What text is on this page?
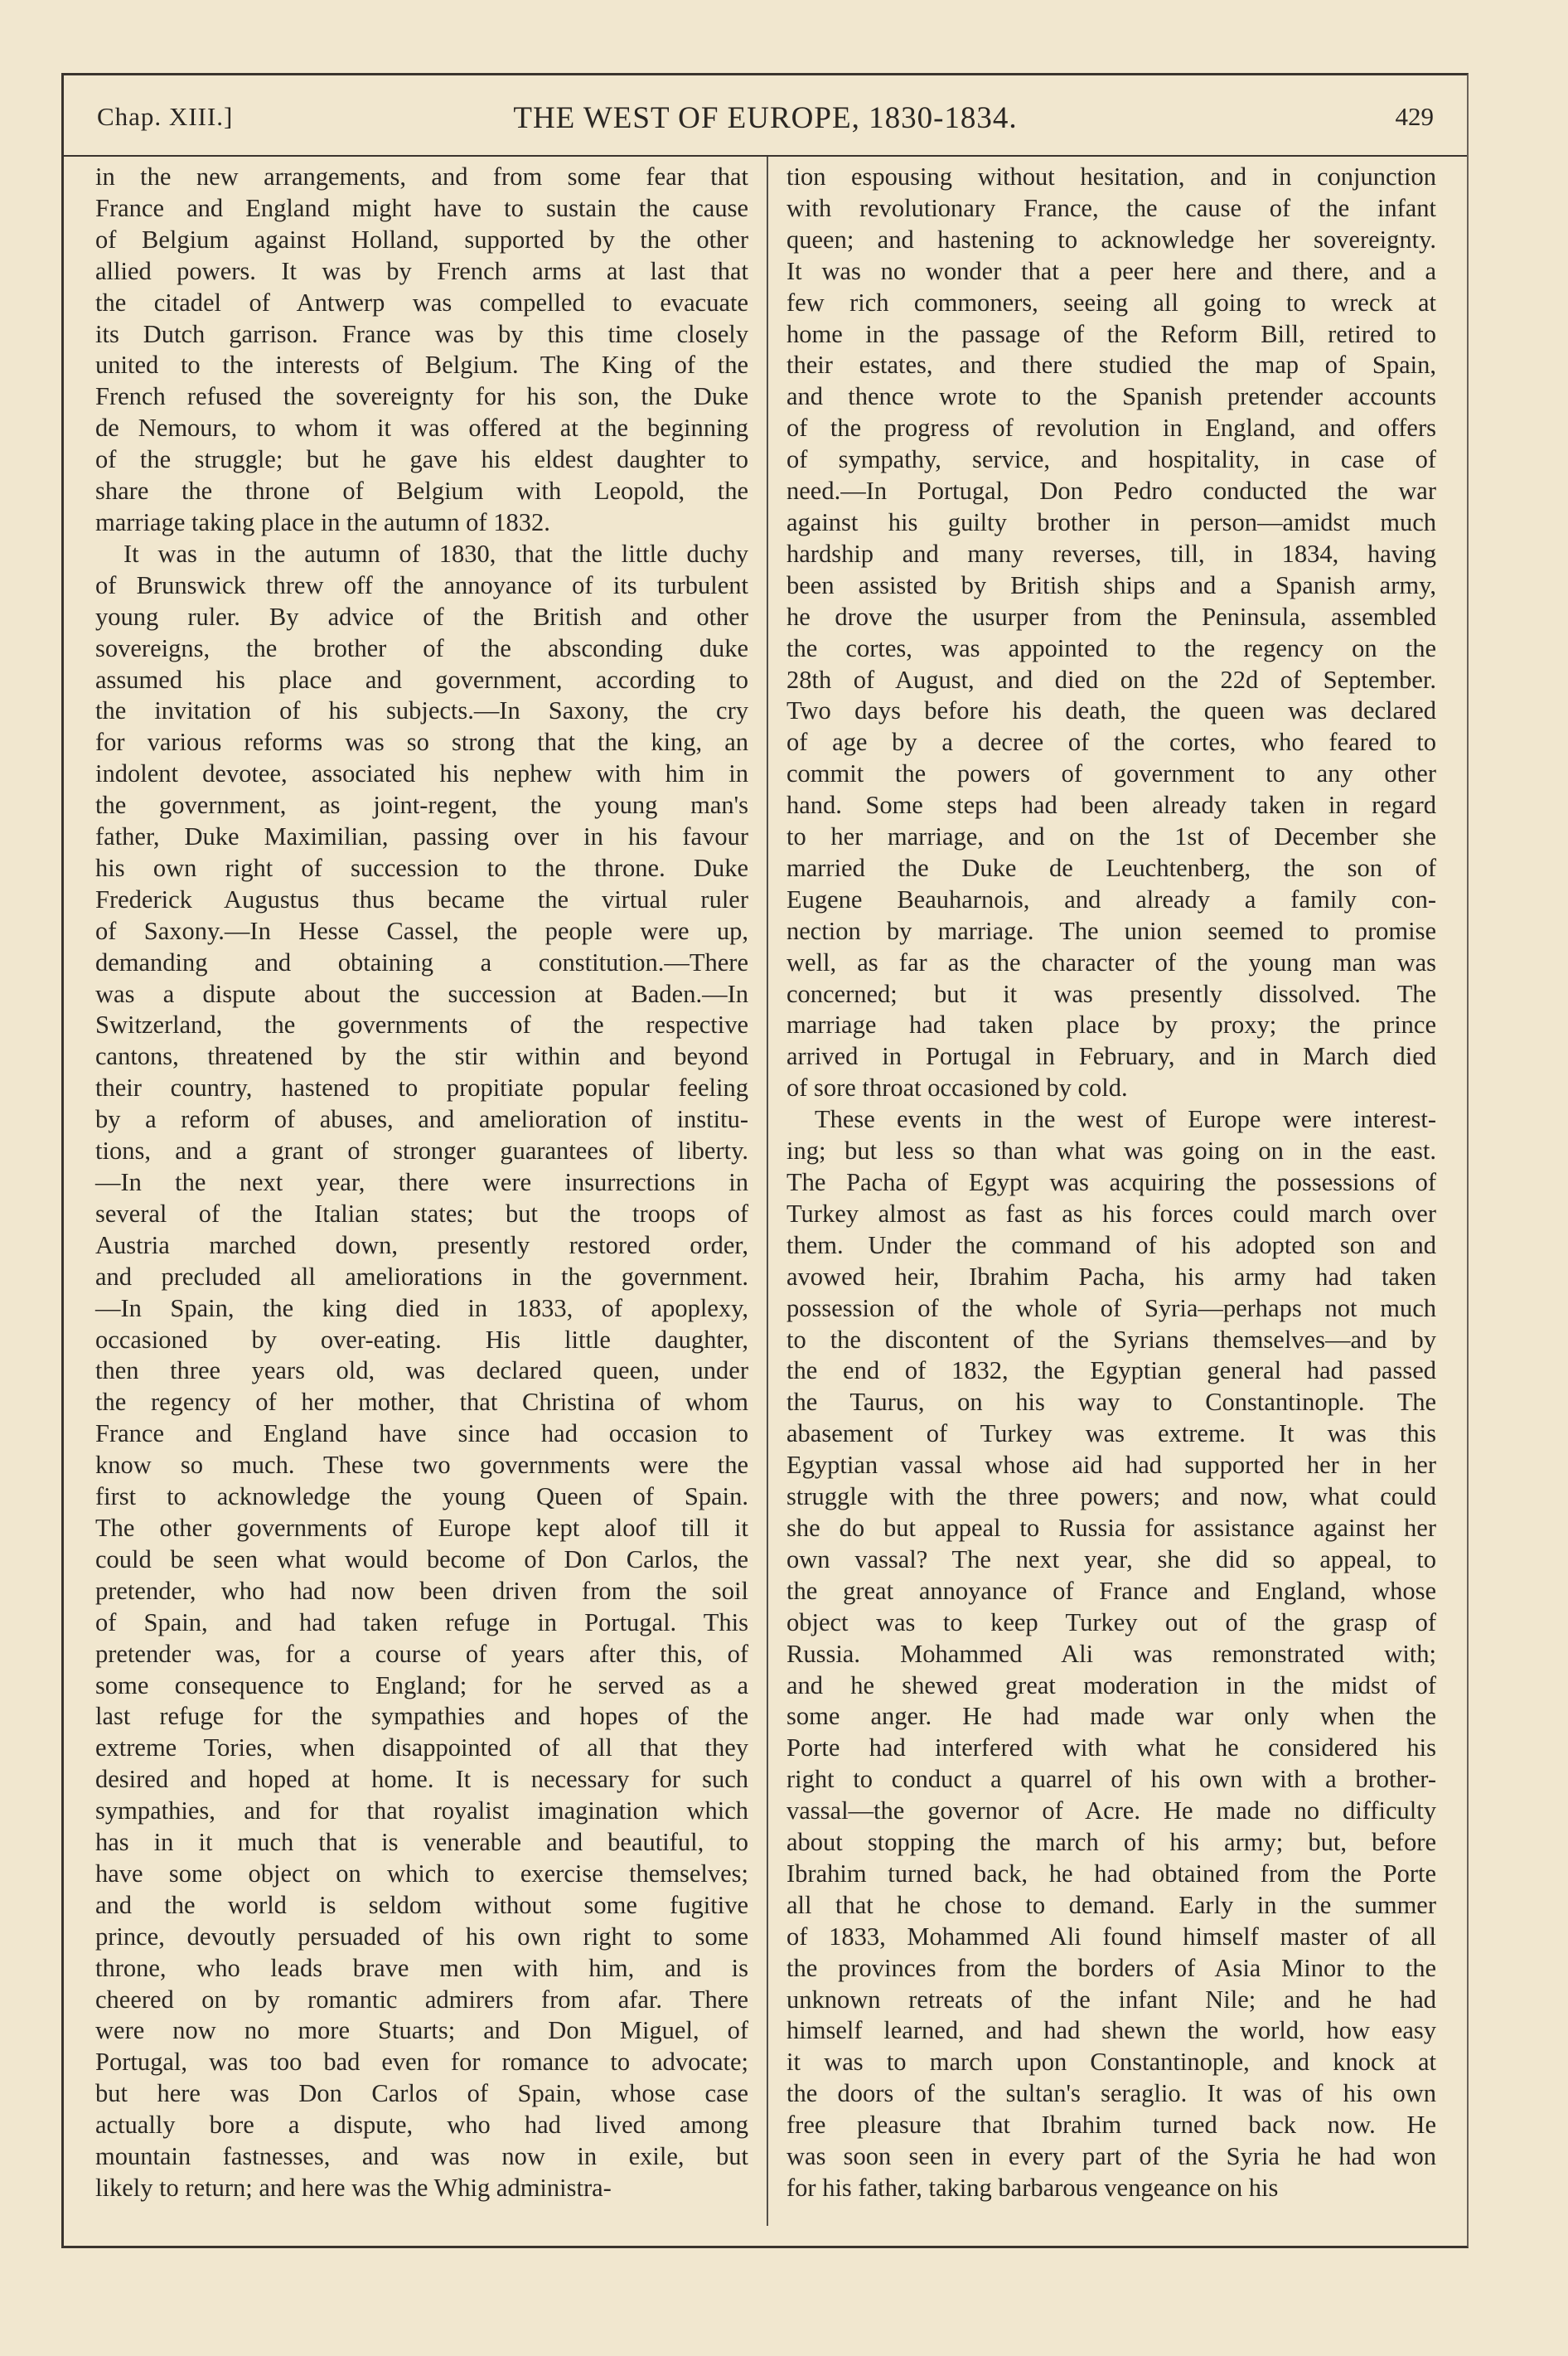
Chap. XIII.]	THE WEST OF EUROPE, 1830-1834.	429

in the new arrangements, and from some fear that
France and England might have to sustain the cause
of Belgium against Holland, supported by the other
allied powers. It was by French arms at last that
the citadel of Antwerp was compelled to evacuate
its Dutch garrison. France was by this time closely
united to the interests of Belgium. The King of the
French refused the sovereignty for his son, the Duke
de Nemours, to whom it was offered at the beginning
of the struggle; but he gave his eldest daughter to
share the throne of Belgium with Leopold, the
marriage taking place in the autumn of 1832.

It was in the autumn of 1830, that the little duchy
of Brunswick threw off the annoyance of its turbulent
young ruler. By advice of the British and other
sovereigns, the brother of the absconding duke
assumed his place and government, according to
the invitation of his subjects.—In Saxony, the cry
for various reforms was so strong that the king, an
indolent devotee, associated his nephew with him in
the government, as joint-regent, the young man's
father, Duke Maximilian, passing over in his favour
his own right of succession to the throne. Duke
Frederick Augustus thus became the virtual ruler
of Saxony.—In Hesse Cassel, the people were up,
demanding and obtaining a constitution.—There
was a dispute about the succession at Baden.—In
Switzerland, the governments of the respective
cantons, threatened by the stir within and beyond
their country, hastened to propitiate popular feeling
by a reform of abuses, and amelioration of institu-
tions, and a grant of stronger guarantees of liberty.
—In the next year, there were insurrections in
several of the Italian states; but the troops of
Austria marched down, presently restored order,
and precluded all ameliorations in the government.
—In Spain, the king died in 1833, of apoplexy,
occasioned by over-eating. His little daughter,
then three years old, was declared queen, under
the regency of her mother, that Christina of whom
France and England have since had occasion to
know so much. These two governments were the
first to acknowledge the young Queen of Spain.
The other governments of Europe kept aloof till it
could be seen what would become of Don Carlos, the
pretender, who had now been driven from the soil
of Spain, and had taken refuge in Portugal. This
pretender was, for a course of years after this, of
some consequence to England; for he served as a
last refuge for the sympathies and hopes of the
extreme Tories, when disappointed of all that they
desired and hoped at home. It is necessary for such
sympathies, and for that royalist imagination which
has in it much that is venerable and beautiful, to
have some object on which to exercise themselves;
and the world is seldom without some fugitive
prince, devoutly persuaded of his own right to some
throne, who leads brave men with him, and is
cheered on by romantic admirers from afar. There
were now no more Stuarts; and Don Miguel, of
Portugal, was too bad even for romance to advocate;
but here was Don Carlos of Spain, whose case
actually bore a dispute, who had lived among
mountain fastnesses, and was now in exile, but
likely to return; and here was the Whig administra-

tion espousing without hesitation, and in conjunction
with revolutionary France, the cause of the infant
queen; and hastening to acknowledge her sovereignty.
It was no wonder that a peer here and there, and a
few rich commoners, seeing all going to wreck at
home in the passage of the Reform Bill, retired to
their estates, and there studied the map of Spain,
and thence wrote to the Spanish pretender accounts
of the progress of revolution in England, and offers
of sympathy, service, and hospitality, in case of
need.—In Portugal, Don Pedro conducted the war
against his guilty brother in person—amidst much
hardship and many reverses, till, in 1834, having
been assisted by British ships and a Spanish army,
he drove the usurper from the Peninsula, assembled
the cortes, was appointed to the regency on the
28th of August, and died on the 22d of September.
Two days before his death, the queen was declared
of age by a decree of the cortes, who feared to
commit the powers of government to any other
hand. Some steps had been already taken in regard
to her marriage, and on the 1st of December she
married the Duke de Leuchtenberg, the son of
Eugene Beauharnois, and already a family con-
nection by marriage. The union seemed to promise
well, as far as the character of the young man was
concerned; but it was presently dissolved. The
marriage had taken place by proxy; the prince
arrived in Portugal in February, and in March died
of sore throat occasioned by cold.

These events in the west of Europe were interest-
ing; but less so than what was going on in the east.
The Pacha of Egypt was acquiring the possessions of
Turkey almost as fast as his forces could march over
them. Under the command of his adopted son and
avowed heir, Ibrahim Pacha, his army had taken
possession of the whole of Syria—perhaps not much
to the discontent of the Syrians themselves—and by
the end of 1832, the Egyptian general had passed
the Taurus, on his way to Constantinople. The
abasement of Turkey was extreme. It was this
Egyptian vassal whose aid had supported her in her
struggle with the three powers; and now, what could
she do but appeal to Russia for assistance against her
own vassal? The next year, she did so appeal, to
the great annoyance of France and England, whose
object was to keep Turkey out of the grasp of
Russia. Mohammed Ali was remonstrated with;
and he shewed great moderation in the midst of
some anger. He had made war only when the
Porte had interfered with what he considered his
right to conduct a quarrel of his own with a brother-
vassal—the governor of Acre. He made no difficulty
about stopping the march of his army; but, before
Ibrahim turned back, he had obtained from the Porte
all that he chose to demand. Early in the summer
of 1833, Mohammed Ali found himself master of all
the provinces from the borders of Asia Minor to the
unknown retreats of the infant Nile; and he had
himself learned, and had shewn the world, how easy
it was to march upon Constantinople, and knock at
the doors of the sultan's seraglio. It was of his own
free pleasure that Ibrahim turned back now. He
was soon seen in every part of the Syria he had won
for his father, taking barbarous vengeance on his
